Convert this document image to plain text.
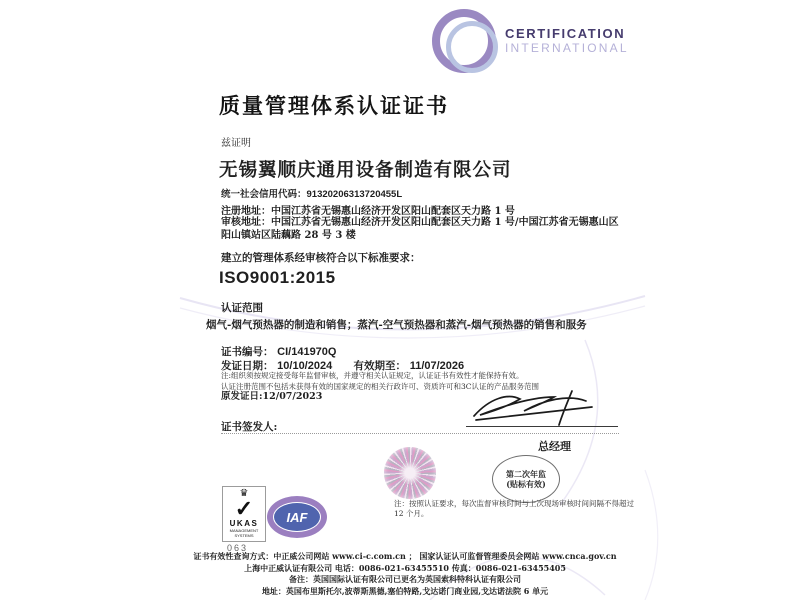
CERTIFICATION
INTERNATIONAL
质量管理体系认证证书
兹证明
无锡翼顺庆通用设备制造有限公司
统一社会信用代码：91320206313720455L
注册地址：中国江苏省无锡惠山经济开发区阳山配套区天力路 1 号
审核地址：中国江苏省无锡惠山经济开发区阳山配套区天力路 1 号/中国江苏省无锡惠山区阳山镇站区陆藕路 28 号 3 楼
建立的管理体系经审核符合以下标准要求：
ISO9001:2015
认证范围
烟气-烟气预热器的制造和销售；蒸汽-空气预热器和蒸汽-烟气预热器的销售和服务
证书编号： CI/141970Q
发证日期： 10/10/2024 有效期至： 11/07/2026
注:组织须按规定接受每年监督审核，并遵守相关认证规定，认证证书有效性才能保持有效。
认证注册范围不包括未获得有效的国家规定的相关行政许可、资质许可和3C认证的产品服务范围
原发证日:12/07/2023
证书签发人:
总经理
第二次年监
(贴标有效)
注：按照认证要求，每次监督审核时间与上次现场审核时间间隔不得超过 12 个月。
♛
✓
UKAS
MANAGEMENT SYSTEMS
063
IAF
证书有效性查询方式：中正威公司网站 www.ci-c.com.cn ； 国家认证认可监督管理委员会网站 www.cnca.gov.cn
上海中正威认证有限公司 电话：0086-021-63455510 传真：0086-021-63455405
备注：英国国际认证有限公司已更名为英国索科特科认证有限公司
地址：英国布里斯托尔,波蒂斯黑德,塞伯特路,戈达诺门商业园,戈达诺法院 6 单元
